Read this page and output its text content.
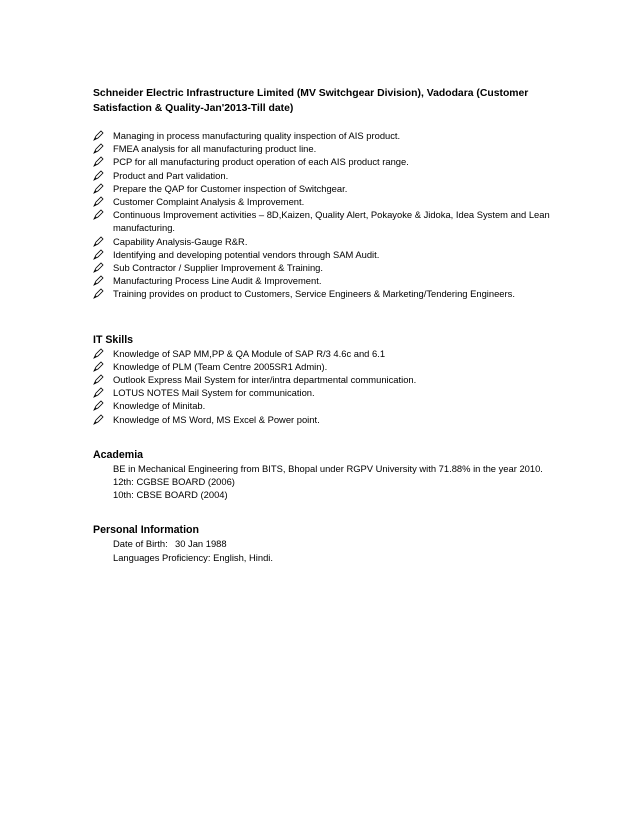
Schneider Electric Infrastructure Limited (MV Switchgear Division), Vadodara (Customer Satisfaction & Quality-Jan'2013-Till date)

Managing in process manufacturing quality inspection of AIS product.
FMEA analysis for all manufacturing product line.
PCP for all manufacturing product operation of each AIS product range.
Product and Part validation.
Prepare the QAP for Customer inspection of Switchgear.
Customer Complaint Analysis & Improvement.
Continuous Improvement activities – 8D,Kaizen, Quality Alert, Pokayoke & Jidoka, Idea System and Lean manufacturing.
Capability Analysis-Gauge R&R.
Identifying and developing potential vendors through SAM Audit.
Sub Contractor / Supplier Improvement & Training.
Manufacturing Process Line Audit & Improvement.
Training provides on product to Customers, Service Engineers & Marketing/Tendering Engineers.

IT Skills

Knowledge of SAP MM,PP & QA Module of SAP R/3 4.6c and 6.1
Knowledge of PLM (Team Centre 2005SR1 Admin).
Outlook Express Mail System for inter/intra departmental communication.
LOTUS NOTES Mail System for communication.
Knowledge of Minitab.
Knowledge of MS Word, MS Excel & Power point.

Academia

BE in Mechanical Engineering from BITS, Bhopal under RGPV University with 71.88% in the year 2010.
12th: CGBSE BOARD (2006)
10th: CBSE BOARD (2004)

Personal Information

Date of Birth: 30 Jan 1988
Languages Proficiency: English, Hindi.
